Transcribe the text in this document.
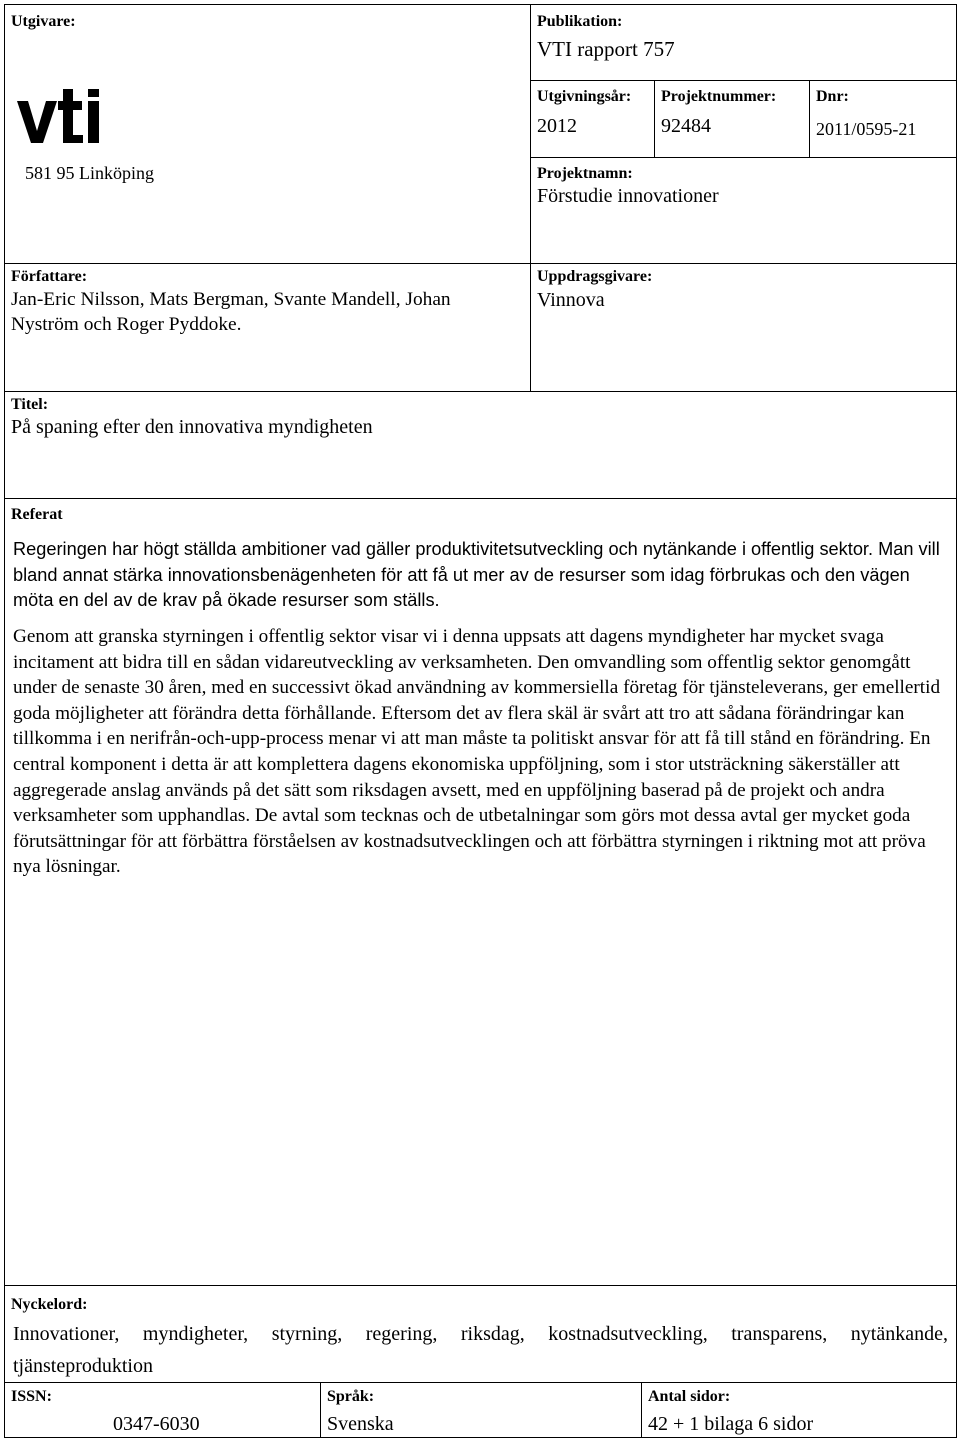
Utgivare:
581 95 Linköping
Publikation:
VTI rapport 757
Utgivningsår:
2012
Projektnummer:
92484
Dnr:
2011/0595-21
Projektnamn:
Förstudie innovationer
Författare:
Jan-Eric Nilsson, Mats Bergman, Svante Mandell, Johan
Nyström och Roger Pyddoke.
Uppdragsgivare:
Vinnova
Titel:
På spaning efter den innovativa myndigheten
Referat

Regeringen har högt ställda ambitioner vad gäller produktivitetsutveckling och nytänkande i offentlig sektor. Man vill bland annat stärka innovationsbenägenheten för att få ut mer av de resurser som idag förbrukas och den vägen möta en del av de krav på ökade resurser som ställs.

Genom att granska styrningen i offentlig sektor visar vi i denna uppsats att dagens myndigheter har mycket svaga incitament att bidra till en sådan vidareutveckling av verksamheten. Den omvandling som offentlig sektor genomgått under de senaste 30 åren, med en successivt ökad användning av kommersiella företag för tjänsteleverans, ger emellertid goda möjligheter att förändra detta förhållande. Eftersom det av flera skäl är svårt att tro att sådana förändringar kan tillkomma i en nerifrån-och-upp-process menar vi att man måste ta politiskt ansvar för att få till stånd en förändring. En central komponent i detta är att komplettera dagens ekonomiska uppföljning, som i stor utsträckning säkerställer att aggregerade anslag används på det sätt som riksdagen avsett, med en uppföljning baserad på de projekt och andra verksamheter som upphandlas. De avtal som tecknas och de utbetalningar som görs mot dessa avtal ger mycket goda förutsättningar för att förbättra förståelsen av kostnadsutvecklingen och att förbättra styrningen i riktning mot att pröva nya lösningar.

Nyckelord:
Innovationer, myndigheter, styrning, regering, riksdag, kostnadsutveckling, transparens, nytänkande, tjänsteproduktion
ISSN:
0347-6030
Språk:
Svenska
Antal sidor:
42 + 1 bilaga 6 sidor
